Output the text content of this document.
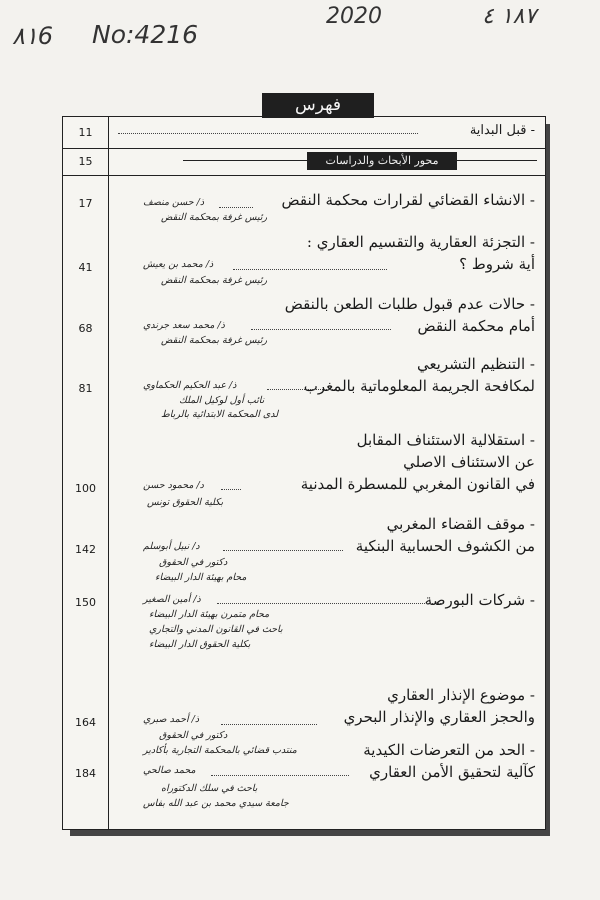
٨١6 No:4216
2020	١٨٧ ٤
11
15
17
41
68
81
100
142
150
164
184
- قبل البداية
محور الأبحاث والدراسات
- الانشاء القضائي لقرارات محكمة النقض
ذ/ حسن منصف
رئيس غرفة بمحكمة النقض
- التجزئة العقارية والتقسيم العقاري :
أية شروط ؟
ذ/ محمد بن يعيش
رئيس غرفة بمحكمة النقض
- حالات عدم قبول طلبات الطعن بالنقض
أمام محكمة النقض
ذ/ محمد سعد جرندي
رئيس غرفة بمحكمة النقض
- التنظيم التشريعي
لمكافحة الجريمة المعلوماتية بالمغرب
ذ/ عبد الحكيم الحكماوي
نائب أول لوكيل الملك
لدى المحكمة الابتدائية بالرباط
- استقلالية الاستئناف المقابل
عن الاستئناف الاصلي
في القانون المغربي للمسطرة المدنية
د/ محمود حسن
بكلية الحقوق تونس
- موقف القضاء المغربي
من الكشوف الحسابية البنكية
د/ نبيل أبوسلم
دكتور في الحقوق
محام بهيئة الدار البيضاء
- شركات البورصة
ذ/ أمين الصغير
محام متمرن بهيئة الدار البيضاء
باحث في القانون المدني والتجاري
بكلية الحقوق الدار البيضاء
- موضوع الإنذار العقاري
والحجز العقاري والإنذار البحري
ذ/ أحمد صبري
دكتور في الحقوق
منتدب قضائي بالمحكمة التجارية بأكادير
-	الحد من التعرضات الكيدية
كآلية لتحقيق الأمن العقاري
محمد صالحي
باحث في سلك الدكتوراه
جامعة سيدي محمد بن عبد الله بفاس
فهرس
